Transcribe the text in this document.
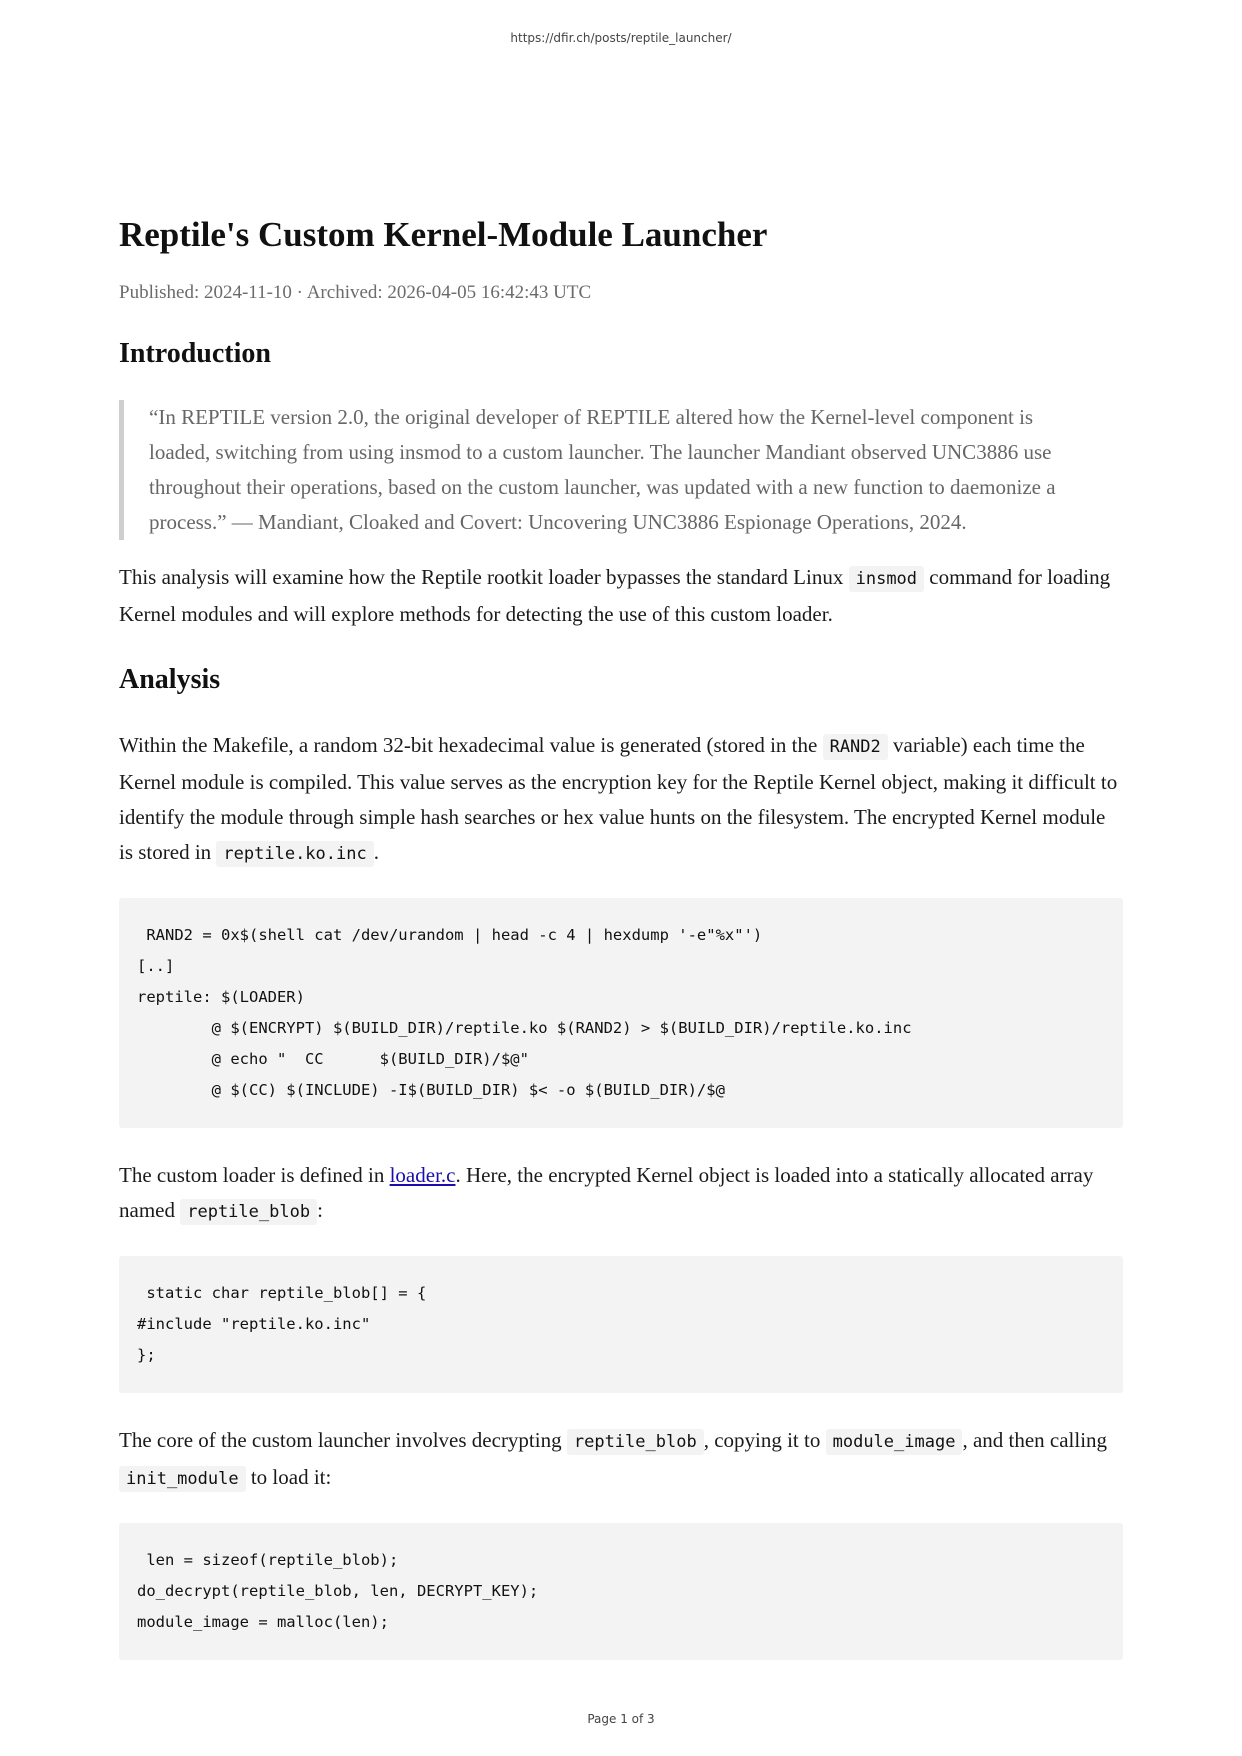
https://dfir.ch/posts/reptile_launcher/
Reptile's Custom Kernel-Module Launcher
Published: 2024-11-10 · Archived: 2026-04-05 16:42:43 UTC
Introduction
“In REPTILE version 2.0, the original developer of REPTILE altered how the Kernel-level component is loaded, switching from using insmod to a custom launcher. The launcher Mandiant observed UNC3886 use throughout their operations, based on the custom launcher, was updated with a new function to daemonize a process.” — Mandiant, Cloaked and Covert: Uncovering UNC3886 Espionage Operations, 2024.

This analysis will examine how the Reptile rootkit loader bypasses the standard Linux insmod command for loading Kernel modules and will explore methods for detecting the use of this custom loader.

Analysis

Within the Makefile, a random 32-bit hexadecimal value is generated (stored in the RAND2 variable) each time the Kernel module is compiled. This value serves as the encryption key for the Reptile Kernel object, making it difficult to identify the module through simple hash searches or hex value hunts on the filesystem. The encrypted Kernel module is stored in reptile.ko.inc .

RAND2 = 0x$(shell cat /dev/urandom | head -c 4 | hexdump '-e"%x"')
[..]
reptile: $(LOADER)
	@ $(ENCRYPT) $(BUILD_DIR)/reptile.ko $(RAND2) > $(BUILD_DIR)/reptile.ko.inc
	@ echo "  CC      $(BUILD_DIR)/$@"
	@ $(CC) $(INCLUDE) -I$(BUILD_DIR) $< -o $(BUILD_DIR)/$@

The custom loader is defined in loader.c. Here, the encrypted Kernel object is loaded into a statically allocated array named reptile_blob :

static char reptile_blob[] = {
#include "reptile.ko.inc"
};

The core of the custom launcher involves decrypting reptile_blob , copying it to module_image , and then calling init_module to load it:

len = sizeof(reptile_blob);
do_decrypt(reptile_blob, len, DECRYPT_KEY);
module_image = malloc(len);
Page 1 of 3
